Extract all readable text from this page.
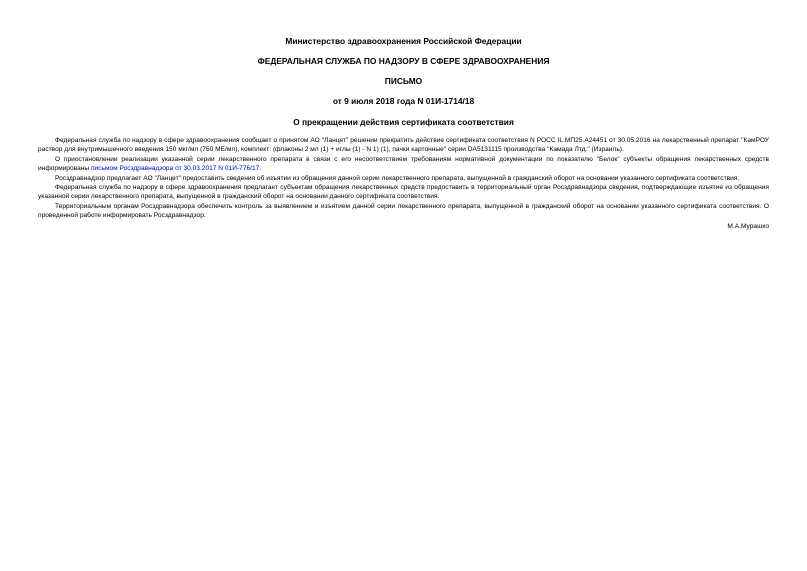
Министерство здравоохранения Российской Федерации
ФЕДЕРАЛЬНАЯ СЛУЖБА ПО НАДЗОРУ В СФЕРЕ ЗДРАВООХРАНЕНИЯ
ПИСЬМО
от 9 июля 2018 года N 01И-1714/18
О прекращении действия сертификата соответствия

Федеральная служба по надзору в сфере здравоохранения сообщает о принятом АО "Ланцет" решении прекратить действие сертификата соответствия N РОСС IL.МП25.А24451 от 30.05.2016 на лекарственный препарат "КамРОУ раствор для внутримышечного введения 150 мкг/мл (750 МЕ/мл), комплект: (флаконы 2 мл (1) + иглы (1) - N 1) (1), пачки картонные" серии DA5131115 производства "Камада Лтд." (Израиль).

О приостановлении реализации указанной серии лекарственного препарата в связи с его несоответствием требованиям нормативной документации по показателю "Белок" субъекты обращения лекарственных средств информированы письмом Росздравнадзора от 30.03.2017 N 01И-776/17.

Росздравнадзор предлагает АО "Ланцет" предоставить сведения об изъятии из обращения данной серии лекарственного препарата, выпущенной в гражданский оборот на основании указанного сертификата соответствия.

Федеральная служба по надзору в сфере здравоохранения предлагает субъектам обращения лекарственных средств предоставить в территориальный орган Росздравнадзора сведения, подтверждающие изъятие из обращения указанной серии лекарственного препарата, выпущенной в гражданский оборот на основании данного сертификата соответствия.

Территориальным органам Росздравнадзора обеспечить контроль за выявлением и изъятием данной серии лекарственного препарата, выпущенной в гражданский оборот на основании указанного сертификата соответствия. О проведенной работе информировать Росздравнадзор.

М.А.Мурашко
